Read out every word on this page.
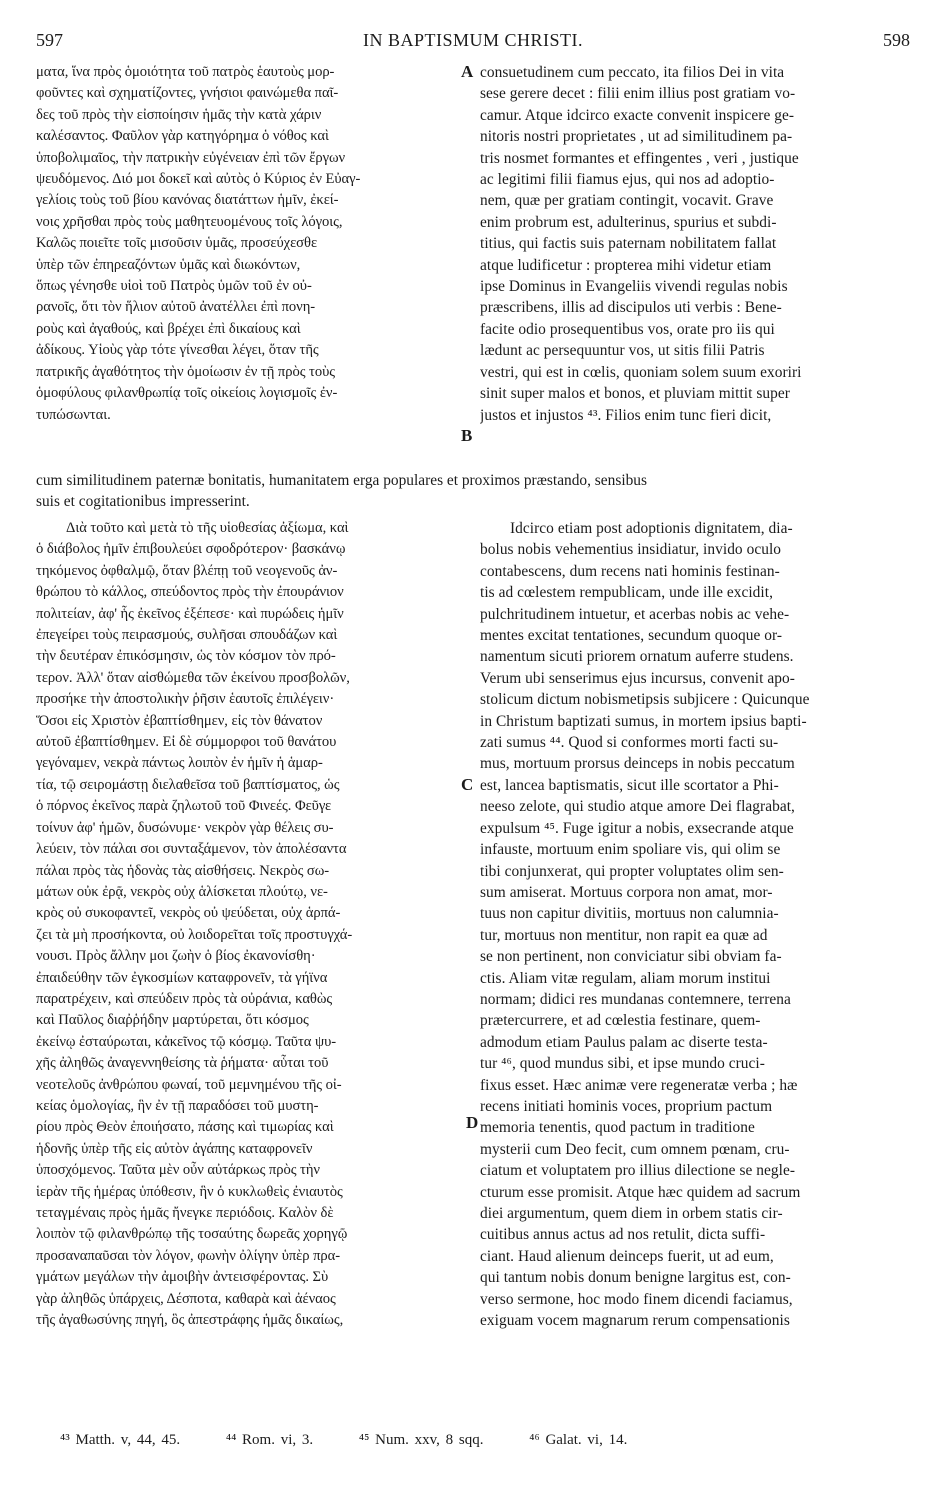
597	IN BAPTISMUM CHRISTI.	598
ματα, ἵνα πρὸς ὁμοιότητα τοῦ πατρὸς ἑαυτοὺς μορ-
φοῦντες καὶ σχηματίζοντες, γνήσιοι φαινώμεθα παῖ-
δες τοῦ πρὸς τὴν εἰσποίησιν ἡμᾶς τὴν κατὰ χάριν
καλέσαντος. Φαῦλον γὰρ κατηγόρημα ὁ νόθος καὶ
ὑποβολιμαῖος, τὴν πατρικὴν εὐγένειαν ἐπὶ τῶν ἔργων
ψευδόμενος. Διό μοι δοκεῖ καὶ αὐτὸς ὁ Κύριος ἐν Εὐαγ-
γελίοις τοὺς τοῦ βίου κανόνας διατάττων ἡμῖν, ἐκεί-
νοις χρῆσθαι πρὸς τοὺς μαθητευομένους τοῖς λόγοις,
Καλῶς ποιεῖτε τοῖς μισοῦσιν ὑμᾶς, προσεύχεσθε
ὑπὲρ τῶν ἐπηρεαζόντων ὑμᾶς καὶ διωκόντων,
ὅπως γένησθε υἱοὶ τοῦ Πατρὸς ὑμῶν τοῦ ἐν οὐ-
ρανοῖς, ὅτι τὸν ἥλιον αὐτοῦ ἀνατέλλει ἐπὶ πονη-
ροὺς καὶ ἀγαθούς, καὶ βρέχει ἐπὶ δικαίους καὶ
ἀδίκους. Υἱοὺς γὰρ τότε γίνεσθαι λέγει, ὅταν τῆς
πατρικῆς ἀγαθότητος τὴν ὁμοίωσιν ἐν τῇ πρὸς τοὺς
ὁμοφύλους φιλανθρωπίᾳ τοῖς οἰκείοις λογισμοῖς ἐν-
τυπώσωνται.
consuetudinem cum peccato, ita filios Dei in vita
sese gerere decet : filii enim illius post gratiam vo-
camur. Atque idcirco exacte convenit inspicere ge-
nitoris nostri proprietates , ut ad similitudinem pa-
tris nosmet formantes et effingentes , veri , justique
ac legitimi filii fiamus ejus, qui nos ad adoptio-
nem, quæ per gratiam contingit, vocavit. Grave
enim probrum est, adulterinus, spurius et subdi-
titius, qui factis suis paternam nobilitatem fallat
atque ludificetur : propterea mihi videtur etiam
ipse Dominus in Evangeliis vivendi regulas nobis
præscribens, illis ad discipulos uti verbis : Bene-
facite odio prosequentibus vos, orate pro iis qui
lædunt ac persequuntur vos, ut sitis filii Patris
vestri, qui est in cœlis, quoniam solem suum exoriri
sinit super malos et bonos, et pluviam mittit super
justos et injustos ⁴³. Filios enim tunc fieri dicit,
cum similitudinem paternæ bonitatis, humanitatem erga populares et proximos præstando, sensibus
suis et cogitationibus impresserint.
Διὰ τοῦτο καὶ μετὰ τὸ τῆς υἱοθεσίας ἀξίωμα, καὶ
ὁ διάβολος ἡμῖν ἐπιβουλεύει σφοδρότερον· βασκάνῳ
τηκόμενος ὀφθαλμῷ, ὅταν βλέπῃ τοῦ νεογενοῦς ἀν-
θρώπου τὸ κάλλος, σπεύδοντος πρὸς τὴν ἐπουράνιον
πολιτείαν, ἀφ' ἧς ἐκεῖνος ἐξέπεσε· καὶ πυρώδεις ἡμῖν
ἐπεγείρει τοὺς πειρασμούς, συλῆσαι σπουδάζων καὶ
τὴν δευτέραν ἐπικόσμησιν, ὡς τὸν κόσμον τὸν πρό-
τερον. Ἀλλ' ὅταν αἰσθώμεθα τῶν ἐκείνου προσβολῶν,
προσήκε τὴν ἀποστολικὴν ῥῆσιν ἑαυτοῖς ἐπιλέγειν·
Ὅσοι εἰς Χριστὸν ἐβαπτίσθημεν, εἰς τὸν θάνατον
αὐτοῦ ἐβαπτίσθημεν. Εἰ δὲ σύμμορφοι τοῦ θανάτου
γεγόναμεν, νεκρὰ πάντως λοιπὸν ἐν ἡμῖν ἡ ἁμαρ-
τία, τῷ σειρομάστῃ διελαθεῖσα τοῦ βαπτίσματος, ὡς
ὁ πόρνος ἐκεῖνος παρὰ ζηλωτοῦ τοῦ Φινεές. Φεῦγε
τοίνυν ἀφ' ἡμῶν, δυσώνυμε· νεκρὸν γὰρ θέλεις συ-
λεύειν, τὸν πάλαι σοι συνταξάμενον, τὸν ἀπολέσαντα
πάλαι πρὸς τὰς ἡδονὰς τὰς αἰσθήσεις. Νεκρὸς σω-
μάτων οὐκ ἐρᾷ, νεκρὸς οὐχ ἁλίσκεται πλούτῳ, νε-
κρὸς οὐ συκοφαντεῖ, νεκρὸς οὐ ψεύδεται, οὐχ ἁρπά-
ζει τὰ μὴ προσήκοντα, οὐ λοιδορεῖται τοῖς προστυγχά-
νουσι. Πρὸς ἄλλην μοι ζωὴν ὁ βίος ἐκανονίσθη·
ἐπαιδεύθην τῶν ἐγκοσμίων καταφρονεῖν, τὰ γήϊνα
παρατρέχειν, καὶ σπεύδειν πρὸς τὰ οὐράνια, καθὼς
καὶ Παῦλος διαῤῥήδην μαρτύρεται, ὅτι κόσμος
ἐκείνῳ ἐσταύρωται, κἀκεῖνος τῷ κόσμῳ. Ταῦτα ψυ-
χῆς ἀληθῶς ἀναγεννηθείσης τὰ ῥήματα· αὗται τοῦ
νεοτελοῦς ἀνθρώπου φωναί, τοῦ μεμνημένου τῆς οἰ-
κείας ὁμολογίας, ἣν ἐν τῇ παραδόσει τοῦ μυστη-
ρίου πρὸς Θεὸν ἐποιήσατο, πάσης καὶ τιμωρίας καὶ
ἡδονῆς ὑπὲρ τῆς εἰς αὐτὸν ἀγάπης καταφρονεῖν
ὑποσχόμενος. Ταῦτα μὲν οὖν αὐτάρκως πρὸς τὴν
ἱερὰν τῆς ἡμέρας ὑπόθεσιν, ἣν ὁ κυκλωθεὶς ἐνιαυτὸς
τεταγμέναις πρὸς ἡμᾶς ἤνεγκε περιόδοις. Καλὸν δὲ
λοιπὸν τῷ φιλανθρώπῳ τῆς τοσαύτης δωρεᾶς χορηγῷ
προσαναπαῦσαι τὸν λόγον, φωνὴν ὀλίγην ὑπὲρ πρα-
γμάτων μεγάλων τὴν ἀμοιβὴν ἀντεισφέροντας. Σὺ
γὰρ ἀληθῶς ὑπάρχεις, Δέσποτα, καθαρὰ καὶ ἀέναος
τῆς ἀγαθωσύνης πηγή, ὃς ἀπεστράφης ἡμᾶς δικαίως,
Idcirco etiam post adoptionis dignitatem, dia-
bolus nobis vehementius insidiatur, invido oculo
contabescens, dum recens nati hominis festinan-
tis ad cœlestem rempublicam, unde ille excidit,
pulchritudinem intuetur, et acerbas nobis ac vehe-
mentes excitat tentationes, secundum quoque or-
namentum sicuti priorem ornatum auferre studens.
Verum ubi senserimus ejus incursus, convenit apo-
stolicum dictum nobismetipsis subjicere : Quicunque
in Christum baptizati sumus, in mortem ipsius bapti-
zati sumus ⁴⁴. Quod si conformes morti facti su-
mus, mortuum prorsus deinceps in nobis peccatum
est, lancea baptismatis, sicut ille scortator a Phi-
neeso zelote, qui studio atque amore Dei flagrabat,
expulsum ⁴⁵. Fuge igitur a nobis, exsecrande atque
infauste, mortuum enim spoliare vis, qui olim se
tibi conjunxerat, qui propter voluptates olim sen-
sum amiserat. Mortuus corpora non amat, mor-
tuus non capitur divitiis, mortuus non calumnia-
tur, mortuus non mentitur, non rapit ea quæ ad
se non pertinent, non conviciatur sibi obviam fa-
ctis. Aliam vitæ regulam, aliam morum institui
normam; didici res mundanas contemnere, terrena
prætercurrere, et ad cœlestia festinare, quem-
admodum etiam Paulus palam ac diserte testa-
tur ⁴⁶, quod mundus sibi, et ipse mundo cruci-
fixus esset. Hæc animæ vere regeneratæ verba ; hæ
recens initiati hominis voces, proprium pactum
memoria tenentis, quod pactum in traditione
mysterii cum Deo fecit, cum omnem pœnam, cru-
ciatum et voluptatem pro illius dilectione se negle-
cturum esse promisit. Atque hæc quidem ad sacrum
diei argumentum, quem diem in orbem statis cir-
cuitibus annus actus ad nos retulit, dicta suffi-
ciant. Haud alienum deinceps fuerit, ut ad eum,
qui tantum nobis donum benigne largitus est, con-
verso sermone, hoc modo finem dicendi faciamus,
exiguam vocem magnarum rerum compensationis
A
B
C
D
⁴³ Matth. v, 44, 45.	⁴⁴ Rom. vi, 3.	⁴⁵ Num. xxv, 8 sqq.	⁴⁶ Galat. vi, 14.
